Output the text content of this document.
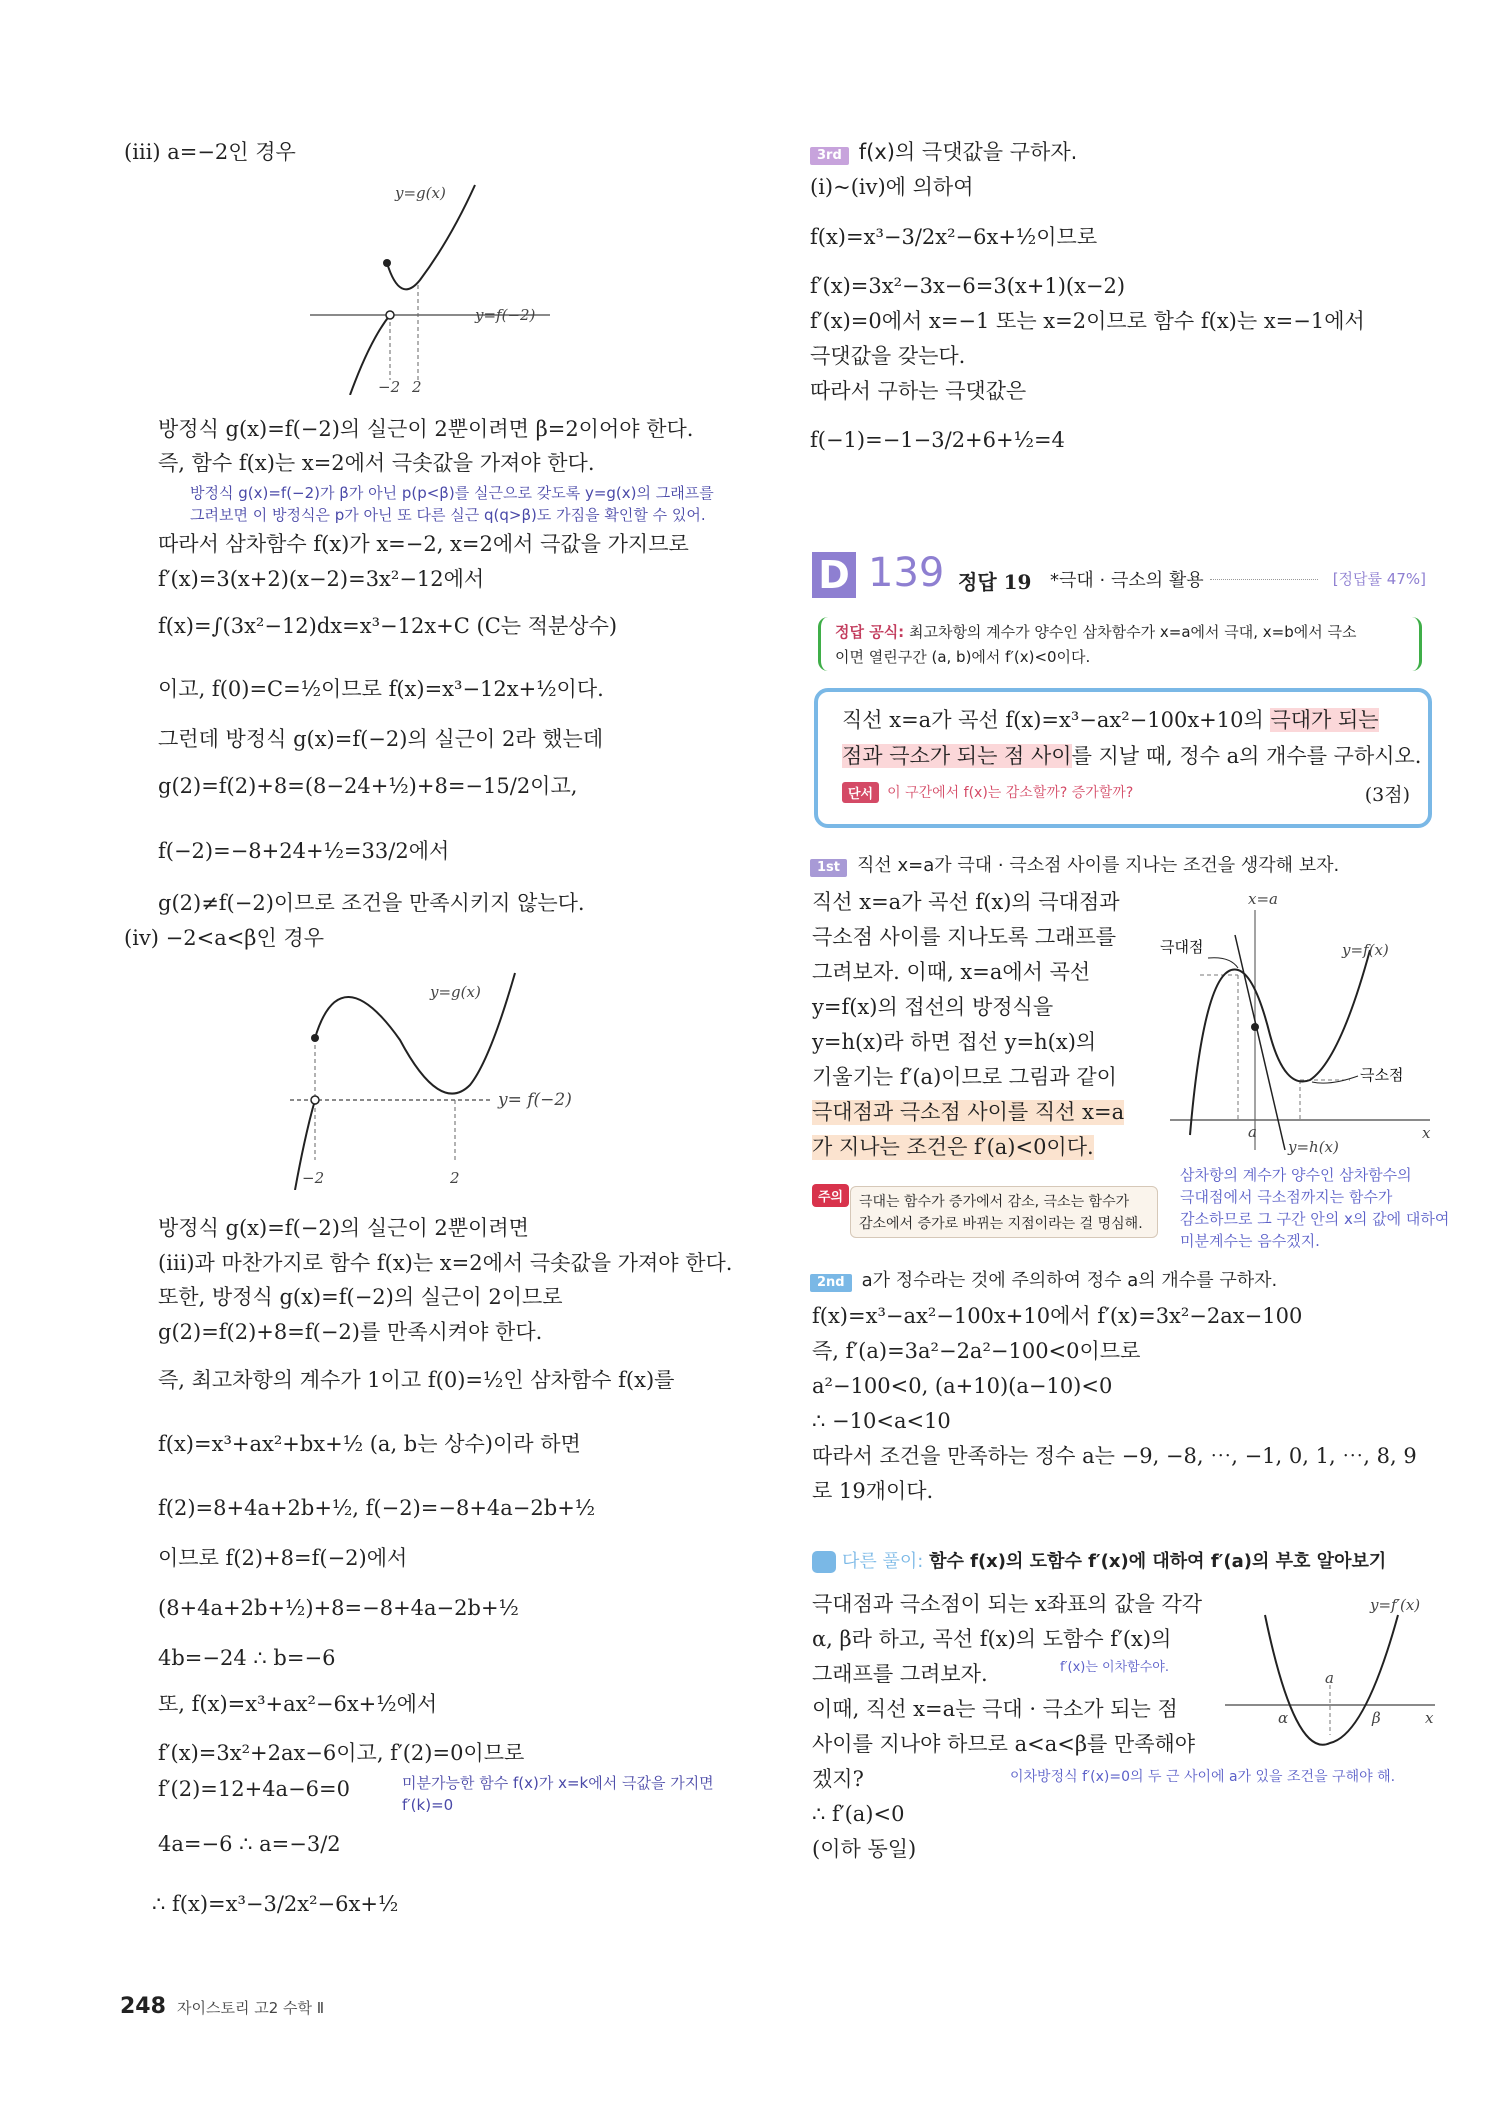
(ⅲ) a=−2인 경우
y=g(x)
y=f(−2)
−2 2
방정식 g(x)=f(−2)의 실근이 2뿐이려면 β=2이어야 한다.
즉, 함수 f(x)는 x=2에서 극솟값을 가져야 한다.
방정식 g(x)=f(−2)가 β가 아닌 p(p<β)를 실근으로 갖도록 y=g(x)의 그래프를
그려보면 이 방정식은 p가 아닌 또 다른 실근 q(q>β)도 가짐을 확인할 수 있어.
따라서 삼차함수 f(x)가 x=−2, x=2에서 극값을 가지므로
f′(x)=3(x+2)(x−2)=3x²−12에서
f(x)=∫(3x²−12)dx=x³−12x+C (C는 적분상수)
이고, f(0)=C=½이므로 f(x)=x³−12x+½이다.
그런데 방정식 g(x)=f(−2)의 실근이 2라 했는데
g(2)=f(2)+8=(8−24+½)+8=−15/2이고,
f(−2)=−8+24+½=33/2에서
g(2)≠f(−2)이므로 조건을 만족시키지 않는다.
(ⅳ) −2<a<β인 경우
y=g(x)
y= f(−2)
−2	2
방정식 g(x)=f(−2)의 실근이 2뿐이려면
(ⅲ)과 마찬가지로 함수 f(x)는 x=2에서 극솟값을 가져야 한다.
또한, 방정식 g(x)=f(−2)의 실근이 2이므로
g(2)=f(2)+8=f(−2)를 만족시켜야 한다.
즉, 최고차항의 계수가 1이고 f(0)=½인 삼차함수 f(x)를
f(x)=x³+ax²+bx+½ (a, b는 상수)이라 하면
f(2)=8+4a+2b+½, f(−2)=−8+4a−2b+½
이므로 f(2)+8=f(−2)에서
(8+4a+2b+½)+8=−8+4a−2b+½
4b=−24 ∴ b=−6
또, f(x)=x³+ax²−6x+½에서
f′(x)=3x²+2ax−6이고, f′(2)=0이므로
f′(2)=12+4a−6=0	미분가능한 함수 f(x)가 x=k에서 극값을 가지면
f′(k)=0
4a=−6 ∴ a=−3/2
∴ f(x)=x³−3/2x²−6x+½
3rd f(x)의 극댓값을 구하자.
(ⅰ)~(ⅳ)에 의하여
f(x)=x³−3/2x²−6x+½이므로
f′(x)=3x²−3x−6=3(x+1)(x−2)
f′(x)=0에서 x=−1 또는 x=2이므로 함수 f(x)는 x=−1에서
극댓값을 갖는다.
따라서 구하는 극댓값은
f(−1)=−1−3/2+6+½=4
D 139 정답 19 *극대 · 극소의 활용	[정답률 47%]
정답 공식: 최고차항의 계수가 양수인 삼차함수가 x=a에서 극대, x=b에서 극소
이면 열린구간 (a, b)에서 f′(x)<0이다.
직선 x=a가 곡선 f(x)=x³−ax²−100x+10의 극대가 되는
점과 극소가 되는 점 사이를 지날 때, 정수 a의 개수를 구하시오.
단서 이 구간에서 f(x)는 감소할까? 증가할까?	(3점)
1st 직선 x=a가 극대 · 극소점 사이를 지나는 조건을 생각해 보자.
직선 x=a가 곡선 f(x)의 극대점과
극소점 사이를 지나도록 그래프를
그려보자. 이때, x=a에서 곡선
y=f(x)의 접선의 방정식을
y=h(x)라 하면 접선 y=h(x)의
기울기는 f′(a)이므로 그림과 같이
극대점과 극소점 사이를 직선 x=a
가 지나는 조건은 f′(a)<0이다.
x=a
y=f(x)
극대점
극소점
a	x
y=h(x)
삼차항의 계수가 양수인 삼차함수의
극대점에서 극소점까지는 함수가
감소하므로 그 구간 안의 x의 값에 대하여
미분계수는 음수겠지.
주의	극대는 함수가 증가에서 감소, 극소는 함수가
감소에서 증가로 바뀌는 지점이라는 걸 명심해.
2nd a가 정수라는 것에 주의하여 정수 a의 개수를 구하자.
f(x)=x³−ax²−100x+10에서 f′(x)=3x²−2ax−100
즉, f′(a)=3a²−2a²−100<0이므로
a²−100<0, (a+10)(a−10)<0
∴ −10<a<10
따라서 조건을 만족하는 정수 a는 −9, −8, ⋯, −1, 0, 1, ⋯, 8, 9
로 19개이다.
다른 풀이: 함수 f(x)의 도함수 f′(x)에 대하여 f′(a)의 부호 알아보기
극대점과 극소점이 되는 x좌표의 값을 각각
α, β라 하고, 곡선 f(x)의 도함수 f′(x)의
f′(x)는 이차함수야.
그래프를 그려보자.
이때, 직선 x=a는 극대 · 극소가 되는 점
사이를 지나야 하므로 a<a<β를 만족해야
겠지?	이차방정식 f′(x)=0의 두 근 사이에 a가 있을 조건을 구해야 해.
∴ f′(a)<0
(이하 동일)
y=f′(x)
α	β
a
x
248 자이스토리 고2 수학 Ⅱ
